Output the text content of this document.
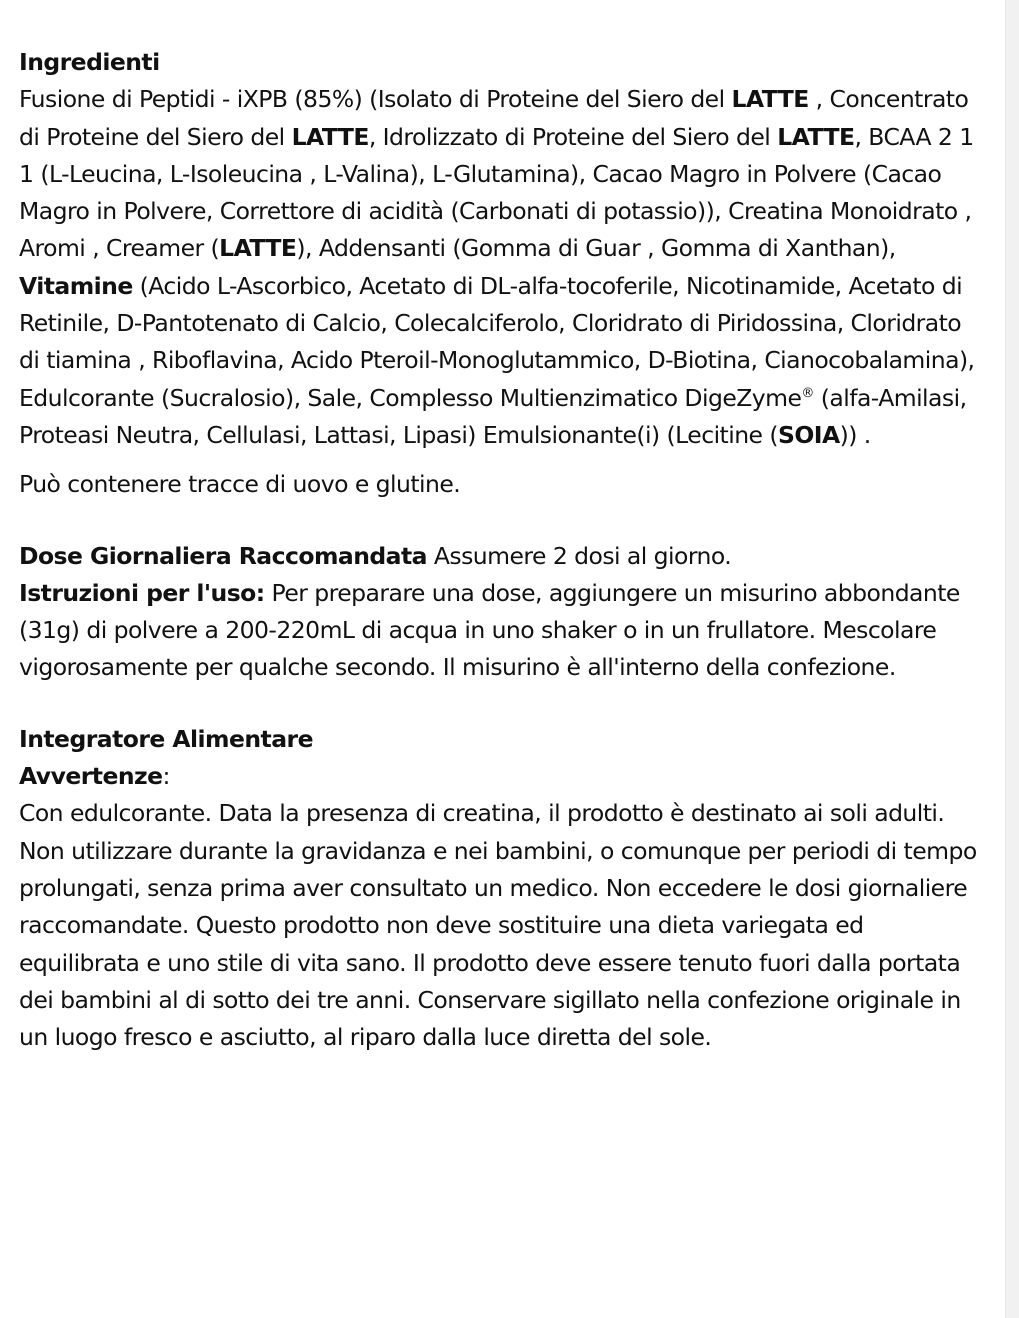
Ingredienti

Fusione di Peptidi - iXPB (85%) (Isolato di Proteine del Siero del LATTE , Concentrato di Proteine del Siero del LATTE, Idrolizzato di Proteine del Siero del LATTE, BCAA 2 1 1 (L-Leucina, L-Isoleucina , L-Valina), L-Glutamina), Cacao Magro in Polvere (Cacao Magro in Polvere, Correttore di acidità (Carbonati di potassio)), Creatina Monoidrato , Aromi , Creamer (LATTE), Addensanti (Gomma di Guar , Gomma di Xanthan), Vitamine (Acido L-Ascorbico, Acetato di DL-alfa-tocoferile, Nicotinamide, Acetato di Retinile, D-Pantotenato di Calcio, Colecalciferolo, Cloridrato di Piridossina, Cloridrato di tiamina , Riboflavina, Acido Pteroil-Monoglutammico, D-Biotina, Cianocobalamina), Edulcorante (Sucralosio), Sale, Complesso Multienzimatico DigeZyme® (alfa-Amilasi, Proteasi Neutra, Cellulasi, Lattasi, Lipasi) Emulsionante(i) (Lecitine (SOIA)) .

Può contenere tracce di uovo e glutine.

Dose Giornaliera Raccomandata Assumere 2 dosi al giorno.

Istruzioni per l'uso: Per preparare una dose, aggiungere un misurino abbondante (31g) di polvere a 200-220mL di acqua in uno shaker o in un frullatore. Mescolare vigorosamente per qualche secondo. Il misurino è all'interno della confezione.

Integratore Alimentare

Avvertenze:

Con edulcorante. Data la presenza di creatina, il prodotto è destinato ai soli adulti. Non utilizzare durante la gravidanza e nei bambini, o comunque per periodi di tempo prolungati, senza prima aver consultato un medico. Non eccedere le dosi giornaliere raccomandate. Questo prodotto non deve sostituire una dieta variegata ed equilibrata e uno stile di vita sano. Il prodotto deve essere tenuto fuori dalla portata dei bambini al di sotto dei tre anni. Conservare sigillato nella confezione originale in un luogo fresco e asciutto, al riparo dalla luce diretta del sole.
